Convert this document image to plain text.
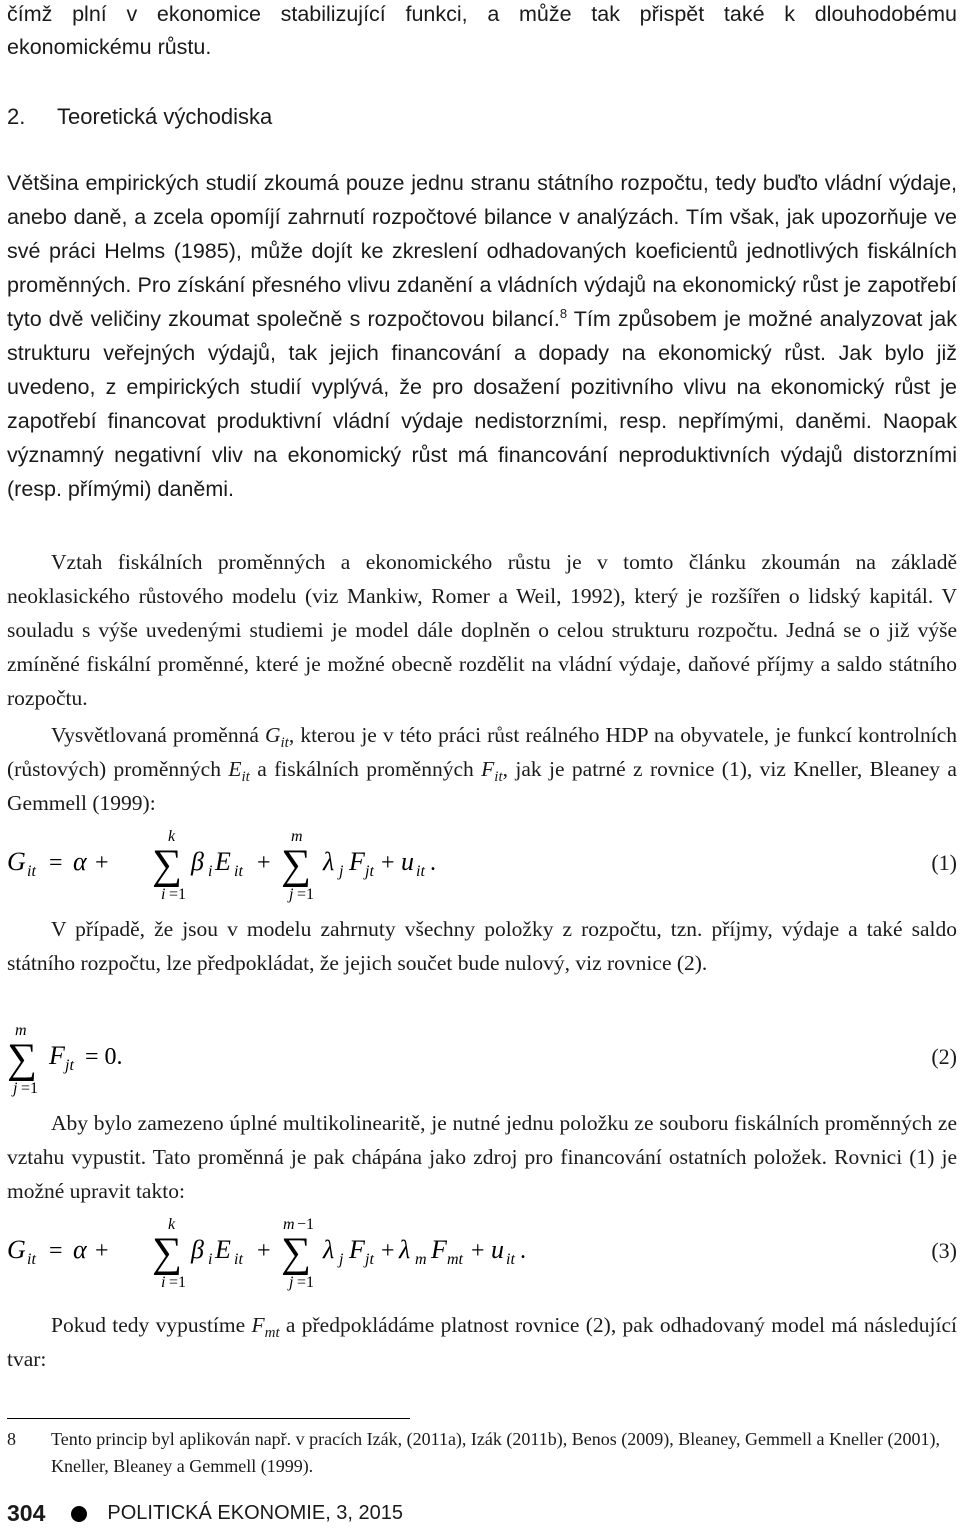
čímž plní v ekonomice stabilizující funkci, a může tak přispět také k dlouhodobému
ekonomickému růstu.
2. Teoretická východiska

Většina empirických studií zkoumá pouze jednu stranu státního rozpočtu, tedy buďto vládní výdaje, anebo daně, a zcela opomíjí zahrnutí rozpočtové bilance v analýzách. Tím však, jak upozorňuje ve své práci Helms (1985), může dojít ke zkreslení odhadovaných koeficientů jednotlivých fiskálních proměnných. Pro získání přesného vlivu zdanění a vládních výdajů na ekonomický růst je zapotřebí tyto dvě veličiny zkoumat společně s rozpočtovou bilancí.$^8$ Tím způsobem je možné analyzovat jak strukturu veřejných výdajů, tak jejich financování a dopady na ekonomický růst. Jak bylo již uvedeno, z empirických studií vyplývá, že pro dosažení pozitivního vlivu na ekonomický růst je zapotřebí financovat produktivní vládní výdaje nedistorzními, resp. nepřímými, daněmi. Naopak významný negativní vliv na ekonomický růst má financování neproduktivních výdajů distorzními (resp. přímými) daněmi.

Vztah fiskálních proměnných a ekonomického růstu je v tomto článku zkoumán na základě neoklasického růstového modelu (viz Mankiw, Romer a Weil, 1992), který je rozšířen o lidský kapitál. V souladu s výše uvedenými studiemi je model dále doplněn o celou strukturu rozpočtu. Jedná se o již výše zmíněné fiskální proměnné, které je možné obecně rozdělit na vládní výdaje, daňové příjmy a saldo státního rozpočtu.

Vysvětlovaná proměnná $G_{it}$, kterou je v této práci růst reálného HDP na obyvatele, je funkcí kontrolních (růstových) proměnných $E_{it}$ a fiskálních proměnných $F_{it}$, jak je patrné z rovnice (1), viz Kneller, Bleaney a Gemmell (1999):

G it = α +
k
∑
i =1
β i E it +
m
∑
j =1
λ j F jt + u it .	(1)

V případě, že jsou v modelu zahrnuty všechny položky z rozpočtu, tzn. příjmy, výdaje a také saldo státního rozpočtu, lze předpokládat, že jejich součet bude nulový, viz rovnice (2).

m
∑
j =1
F jt = 0.	(2)

Aby bylo zamezeno úplné multikolinearitě, je nutné jednu položku ze souboru fiskálních proměnných ze vztahu vypustit. Tato proměnná je pak chápána jako zdroj pro financování ostatních položek. Rovnici (1) je možné upravit takto:

G it = α +
k
∑
i =1
β i E it +
m −1
∑
j =1
λ j F jt + λ m F mt + u it .	(3)

Pokud tedy vypustíme $F_{mt}$ a předpokládáme platnost rovnice (2), pak odhadovaný model má následující tvar:

8 Tento princip byl aplikován např. v pracích Izák, (2011a), Izák (2011b), Benos (2009), Bleaney, Gemmell a Kneller (2001), Kneller, Bleaney a Gemmell (1999).
304	POLITICKÁ EKONOMIE, 3, 2015
